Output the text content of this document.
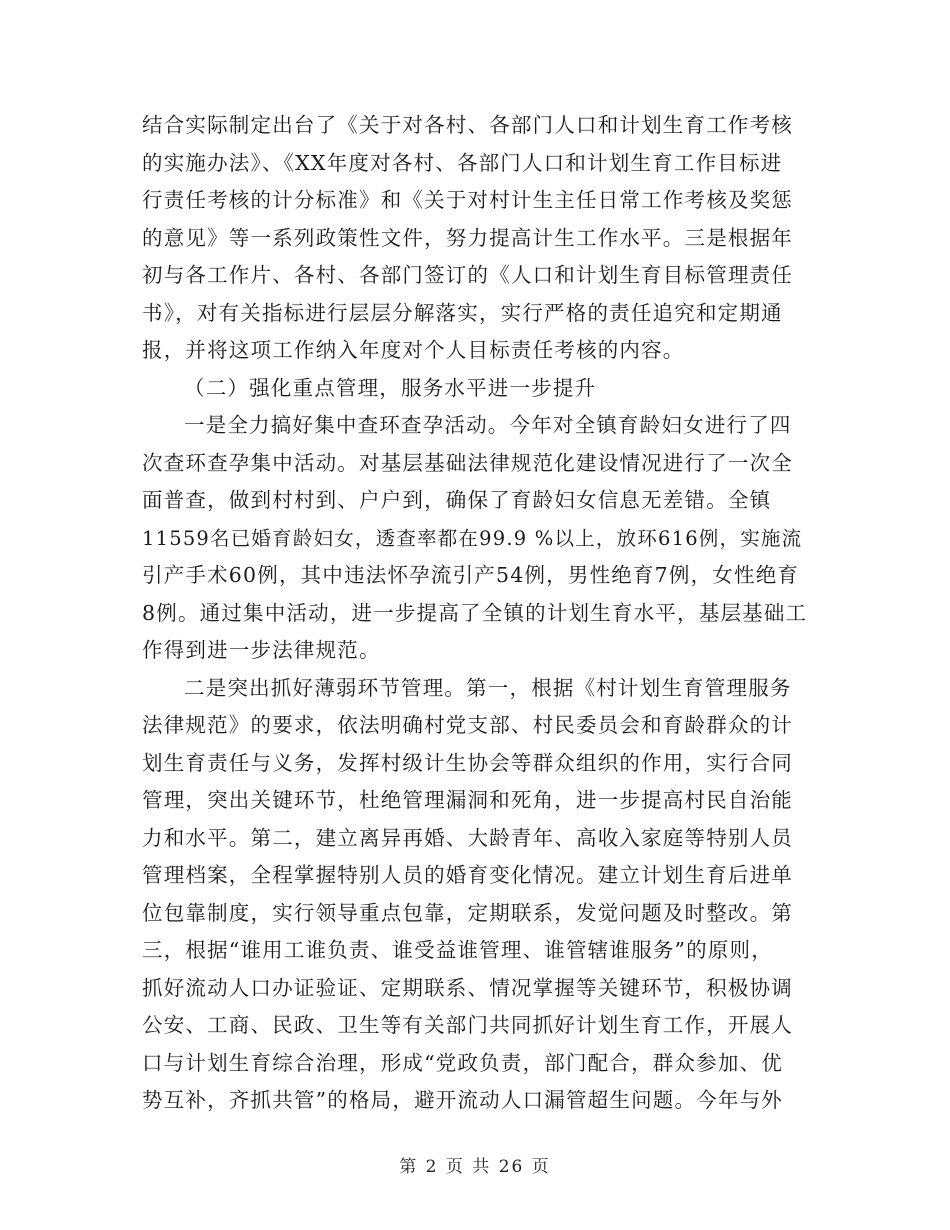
结合实际制定出台了《关于对各村、各部门人口和计划生育工作考核
的实施办法》、《XX年度对各村、各部门人口和计划生育工作目标进
行责任考核的计分标准》和《关于对村计生主任日常工作考核及奖惩
的意见》等一系列政策性文件，努力提高计生工作水平。三是根据年
初与各工作片、各村、各部门签订的《人口和计划生育目标管理责任
书》，对有关指标进行层层分解落实，实行严格的责任追究和定期通
报，并将这项工作纳入年度对个人目标责任考核的内容。
（二）强化重点管理，服务水平进一步提升
一是全力搞好集中查环查孕活动。今年对全镇育龄妇女进行了四
次查环查孕集中活动。对基层基础法律规范化建设情况进行了一次全
面普查，做到村村到、户户到，确保了育龄妇女信息无差错。全镇
11559名已婚育龄妇女，透查率都在99.9 %以上，放环616例，实施流
引产手术60例，其中违法怀孕流引产54例，男性绝育7例，女性绝育
8例。通过集中活动，进一步提高了全镇的计划生育水平，基层基础工
作得到进一步法律规范。
二是突出抓好薄弱环节管理。第一，根据《村计划生育管理服务
法律规范》的要求，依法明确村党支部、村民委员会和育龄群众的计
划生育责任与义务，发挥村级计生协会等群众组织的作用，实行合同
管理，突出关键环节，杜绝管理漏洞和死角，进一步提高村民自治能
力和水平。第二，建立离异再婚、大龄青年、高收入家庭等特别人员
管理档案，全程掌握特别人员的婚育变化情况。建立计划生育后进单
位包靠制度，实行领导重点包靠，定期联系，发觉问题及时整改。第
三，根据“谁用工谁负责、谁受益谁管理、谁管辖谁服务”的原则，
抓好流动人口办证验证、定期联系、情况掌握等关键环节，积极协调
公安、工商、民政、卫生等有关部门共同抓好计划生育工作，开展人
口与计划生育综合治理，形成“党政负责，部门配合，群众参加、优
势互补，齐抓共管”的格局，避开流动人口漏管超生问题。今年与外
第 2 页 共 26 页
